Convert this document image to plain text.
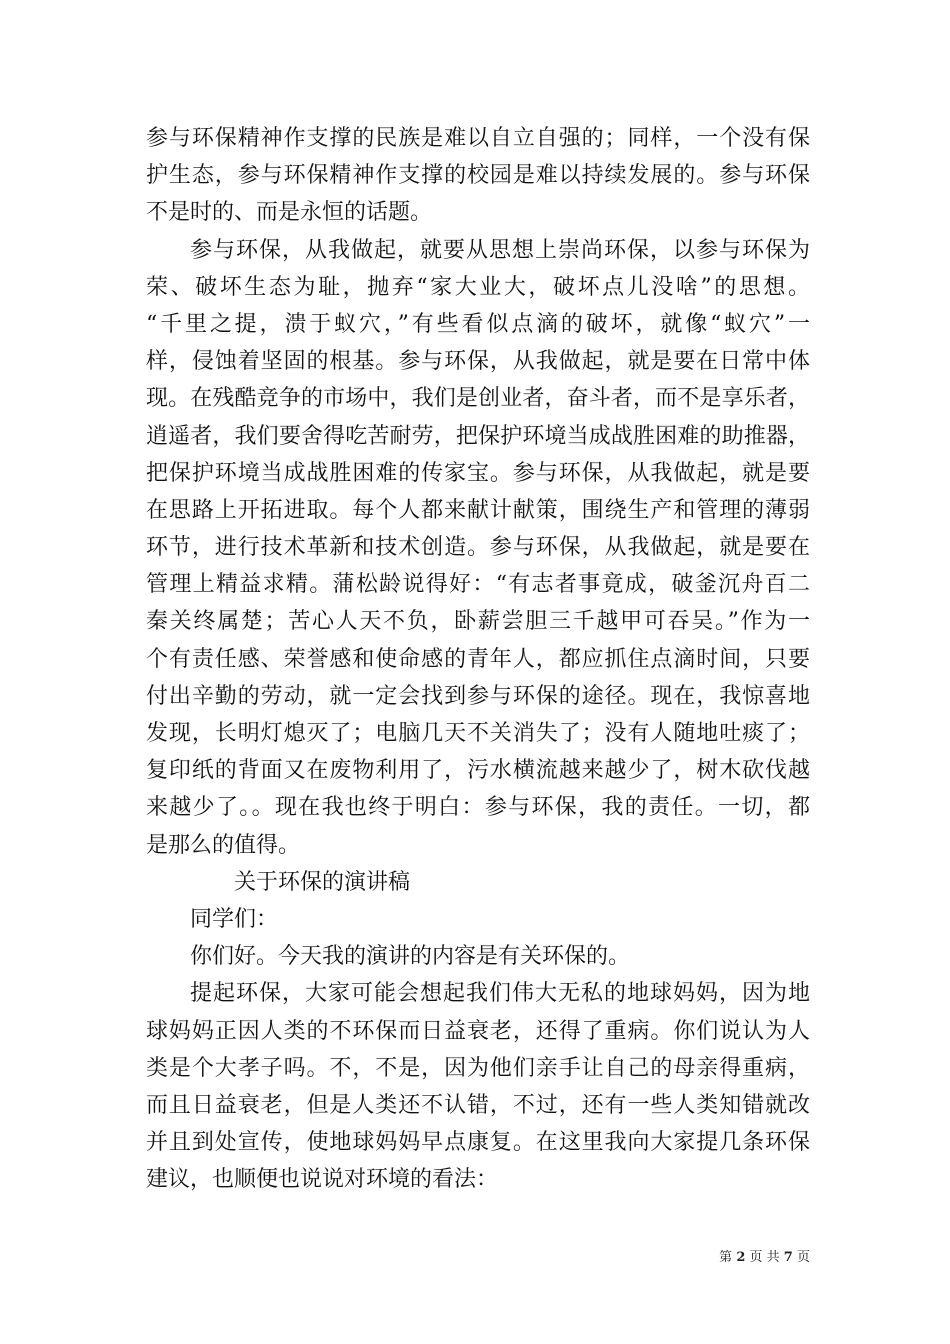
参与环保精神作支撑的民族是难以自立自强的；同样，一个没有保
护生态，参与环保精神作支撑的校园是难以持续发展的。参与环保
不是时的、而是永恒的话题。
参与环保，从我做起，就要从思想上崇尚环保，以参与环保为
荣、破坏生态为耻，抛弃“家大业大，破坏点儿没啥”的思想。
“千里之提，溃于蚁穴，”有些看似点滴的破坏，就像“蚁穴”一
样，侵蚀着坚固的根基。参与环保，从我做起，就是要在日常中体
现。在残酷竞争的市场中，我们是创业者，奋斗者，而不是享乐者，
逍遥者，我们要舍得吃苦耐劳，把保护环境当成战胜困难的助推器，
把保护环境当成战胜困难的传家宝。参与环保，从我做起，就是要
在思路上开拓进取。每个人都来献计献策，围绕生产和管理的薄弱
环节，进行技术革新和技术创造。参与环保，从我做起，就是要在
管理上精益求精。蒲松龄说得好：“有志者事竟成，破釜沉舟百二
秦关终属楚；苦心人天不负，卧薪尝胆三千越甲可吞吴。”作为一
个有责任感、荣誉感和使命感的青年人，都应抓住点滴时间，只要
付出辛勤的劳动，就一定会找到参与环保的途径。现在，我惊喜地
发现，长明灯熄灭了；电脑几天不关消失了；没有人随地吐痰了；
复印纸的背面又在废物利用了，污水横流越来越少了，树木砍伐越
来越少了。。现在我也终于明白：参与环保，我的责任。一切，都
是那么的值得。
关于环保的演讲稿
同学们：
你们好。今天我的演讲的内容是有关环保的。
提起环保，大家可能会想起我们伟大无私的地球妈妈，因为地
球妈妈正因人类的不环保而日益衰老，还得了重病。你们说认为人
类是个大孝子吗。不，不是，因为他们亲手让自己的母亲得重病，
而且日益衰老，但是人类还不认错，不过，还有一些人类知错就改
并且到处宣传，使地球妈妈早点康复。在这里我向大家提几条环保
建议，也顺便也说说对环境的看法：
第 2 页 共 7 页
